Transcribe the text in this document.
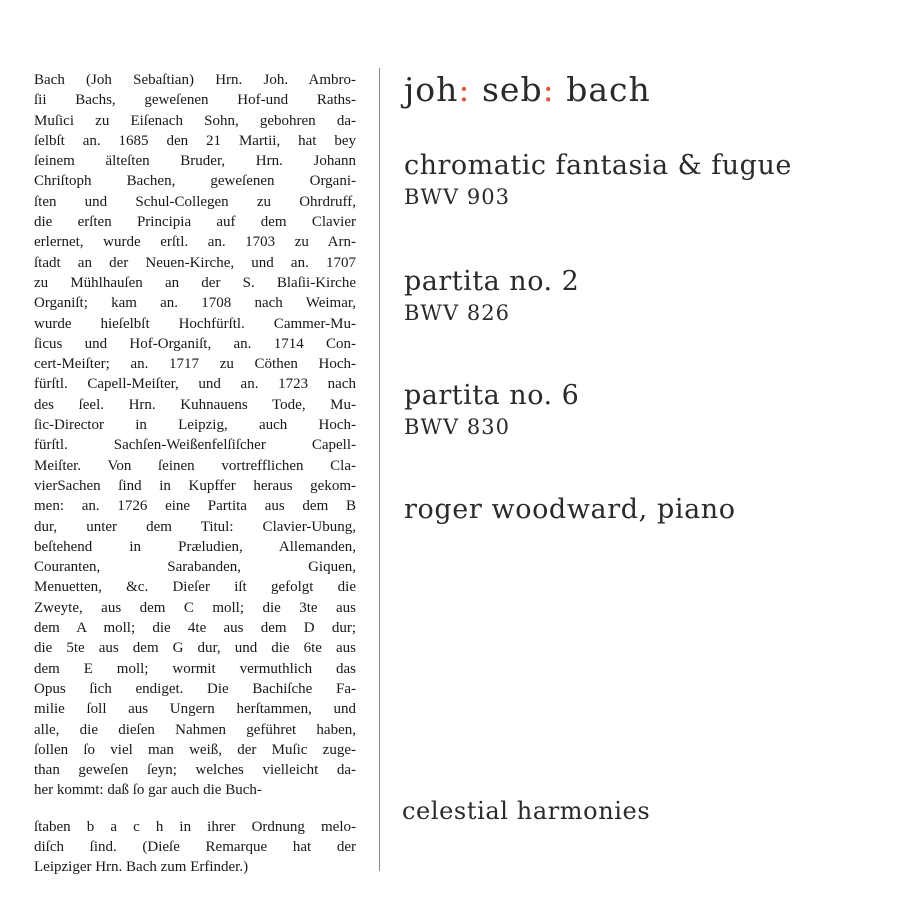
Bach (Joh Sebaſtian) Hrn. Joh. Ambro-
ſii Bachs, geweſenen Hof-und Raths-
Muſici zu Eiſenach Sohn, gebohren da-
ſelbſt an. 1685 den 21 Martii, hat bey
ſeinem älteſten Bruder, Hrn. Johann
Chriſtoph Bachen, geweſenen Organi-
ſten und Schul-Collegen zu Ohrdruff,
die erſten Principia auf dem Clavier
erlernet, wurde erſtl. an. 1703 zu Arn-
ſtadt an der Neuen-Kirche, und an. 1707
zu Mühlhauſen an der S. Blaſii-Kirche
Organiſt; kam an. 1708 nach Weimar,
wurde hieſelbſt Hochfürſtl. Cammer-Mu-
ſicus und Hof-Organiſt, an. 1714 Con-
cert-Meiſter; an. 1717 zu Cöthen Hoch-
fürſtl. Capell-Meiſter, und an. 1723 nach
des ſeel. Hrn. Kuhnauens Tode, Mu-
ſic-Director in Leipzig, auch Hoch-
fürſtl. Sachſen-Weißenfelſiſcher Capell-
Meiſter. Von ſeinen vortrefflichen Cla-
vierSachen ſind in Kupffer heraus gekom-
men: an. 1726 eine Partita aus dem B
dur, unter dem Titul: Clavier-Ubung,
beſtehend in Præludien, Allemanden,
Couranten, Sarabanden, Giquen,
Menuetten, &c. Dieſer iſt gefolgt die
Zweyte, aus dem C moll; die 3te aus
dem A moll; die 4te aus dem D dur;
die 5te aus dem G dur, und die 6te aus
dem E moll; wormit vermuthlich das
Opus ſich endiget. Die Bachiſche Fa-
milie ſoll aus Ungern herſtammen, und
alle, die dieſen Nahmen geführet haben,
ſollen ſo viel man weiß, der Muſic zuge-
than geweſen ſeyn; welches vielleicht da-
her kommt: daß ſo gar auch die Buch-
ſtaben b a c h in ihrer Ordnung melo-
diſch ſind. (Dieſe Remarque hat der
Leipziger Hrn. Bach zum Erfinder.)
joh: seb: bach
chromatic fantasia & fugue
BWV 903
partita no. 2
BWV 826
partita no. 6
BWV 830
roger woodward, piano
celestial harmonies
